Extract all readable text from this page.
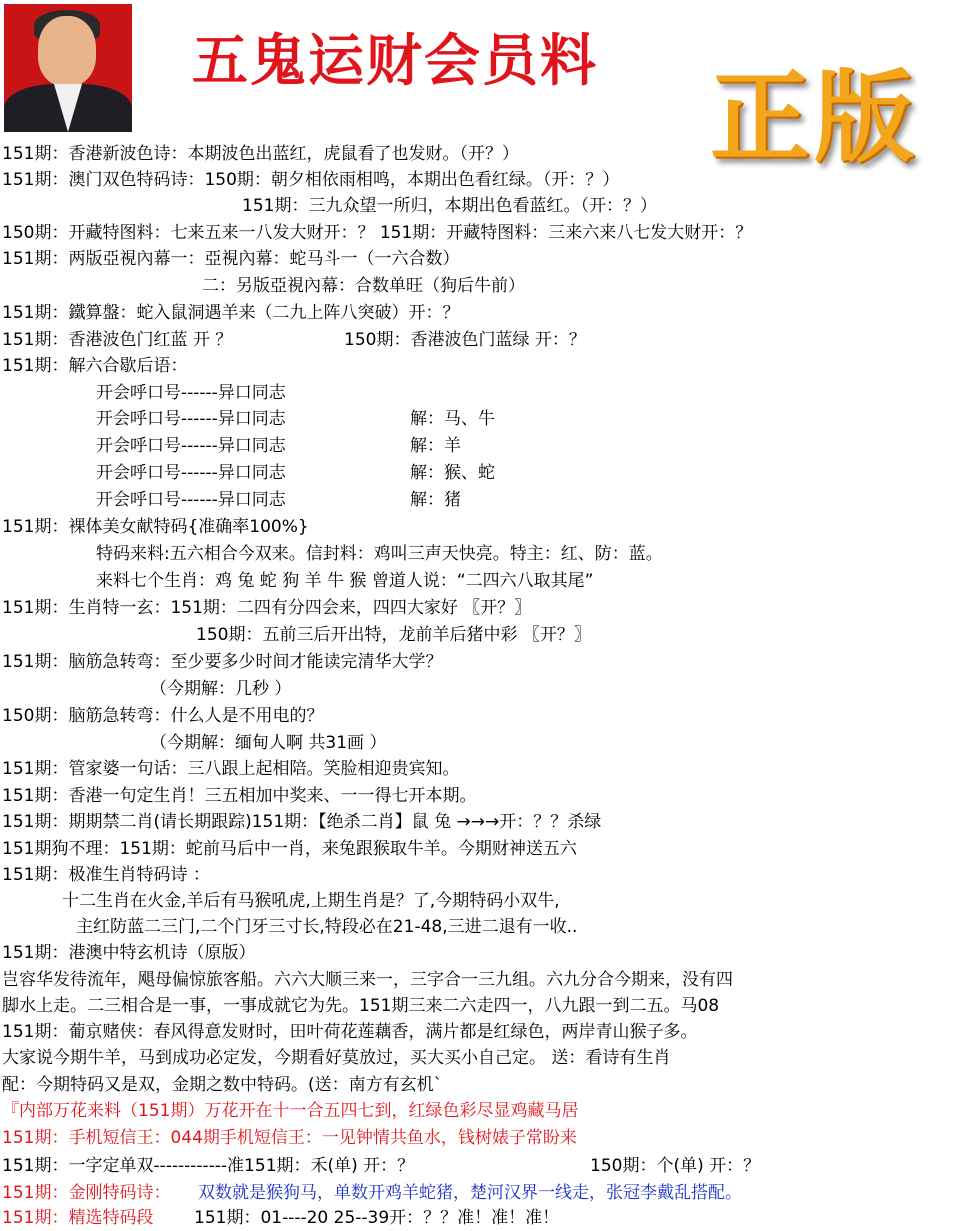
五鬼运财会员料 正版
151期：香港新波色诗：本期波色出蓝红，虎鼠看了也发财。（开？）
151期：澳门双色特码诗：150期：朝夕相依雨相鸣，本期出色看红绿。（开：？）
151期：三九众望一所归，本期出色看蓝红。（开：？）
150期：开藏特图料：七来五来一八发大财开：？ 151期：开藏特图料：三来六来八七发大财开：？
151期：两版亞視內幕一：亞視內幕：蛇马斗一（一六合数）
二：另版亞視內幕：合数单旺（狗后牛前）
151期：鐵算盤：蛇入鼠洞遇羊来（二九上阵八突破）开：？
151期：香港波色门红蓝 开 ？	150期：香港波色门蓝绿 开：？
151期：解六合歇后语：
开会呼口号------异口同志
开会呼口号------异口同志	解：马、牛
开会呼口号------异口同志	解：羊
开会呼口号------异口同志	解：猴、蛇
开会呼口号------异口同志	解：猪
151期：裸体美女献特码{准确率100%}
特码来料:五六相合今双来。信封料：鸡叫三声天快亮。特主：红、防：蓝。
来料七个生肖：鸡 兔 蛇 狗 羊 牛 猴 曾道人说：“二四六八取其尾”
151期：生肖特一玄：151期：二四有分四会来，四四大家好 〖开？〗
150期：五前三后开出特，龙前羊后猪中彩 〖开？〗
151期：脑筋急转弯：至少要多少时间才能读完清华大学？
（今期解：几秒 ）
150期：脑筋急转弯：什么人是不用电的？
（今期解：缅甸人啊 共31画 ）
151期：管家婆一句话：三八跟上起相陪。笑脸相迎贵宾知。
151期：香港一句定生肖！三五相加中奖来、一一得七开本期。
151期：期期禁二肖(请长期跟踪)151期：【绝杀二肖】鼠 兔 →→→开：？？杀绿
151期狗不理：151期：蛇前马后中一肖，来兔跟猴取牛羊。今期财神送五六
151期：极准生肖特码诗 ：
十二生肖在火金,羊后有马猴吼虎,上期生肖是？了,今期特码小双牛,
主红防蓝二三门,二个门牙三寸长,特段必在21-48,三进二退有一收..
151期：港澳中特玄机诗（原版）
岂容华发待流年，飓母偏惊旅客船。六六大顺三来一，三字合一三九组。六九分合今期来，没有四
脚水上走。二三相合是一事，一事成就它为先。151期三来二六走四一，八九跟一到二五。马08
151期：葡京赌侠：春风得意发财时，田叶荷花莲藕香，满片都是红绿色，两岸青山猴子多。
大家说今期牛羊，马到成功必定发，今期看好莫放过，买大买小自己定。 送：看诗有生肖
配：今期特码又是双，金期之数中特码。(送：南方有玄机`
『内部万花来料（151期）万花开在十一合五四七到，红绿色彩尽显鸡藏马居
151期：手机短信王：044期手机短信王：一见钟情共鱼水，钱树婊子常盼来
151期：一字定单双------------准151期：禾(单) 开：？	150期：个(单) 开：？
151期：金刚特码诗： 双数就是猴狗马，单数开鸡羊蛇猪，楚河汉界一线走，张冠李戴乱搭配。
151期：精选特码段 151期：01----20 25--39开：？？准！准！准！
